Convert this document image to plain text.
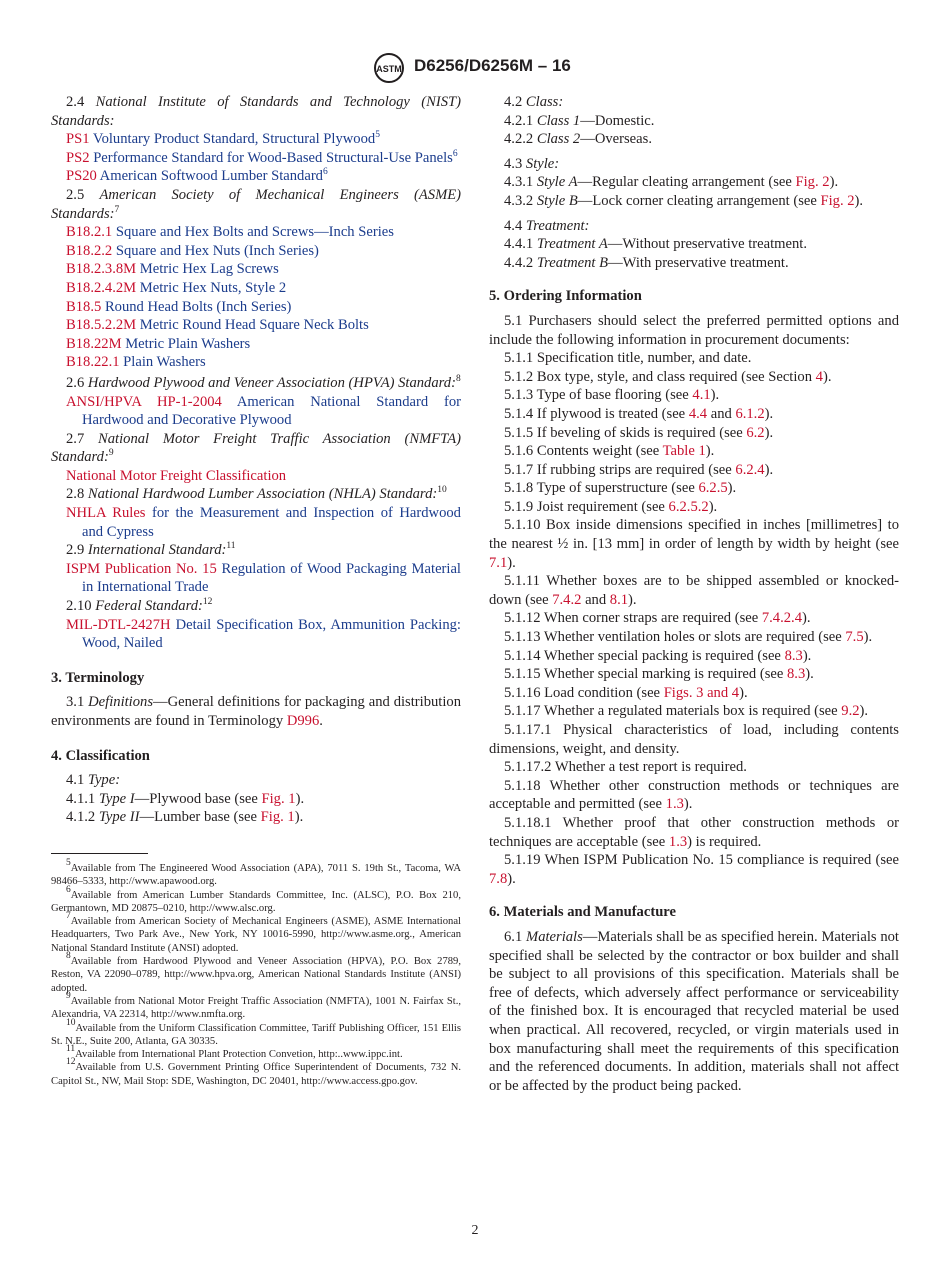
ASTM D6256/D6256M – 16

2.4 National Institute of Standards and Technology (NIST) Standards:

PS1 Voluntary Product Standard, Structural Plywood$^5$

PS2 Performance Standard for Wood-Based Structural-Use Panels$^6$

PS20 American Softwood Lumber Standard$^6$

2.5 American Society of Mechanical Engineers (ASME) Standards:$^7$

B18.2.1 Square and Hex Bolts and Screws—Inch Series

B18.2.2 Square and Hex Nuts (Inch Series)

B18.2.3.8M Metric Hex Lag Screws

B18.2.4.2M Metric Hex Nuts, Style 2

B18.5 Round Head Bolts (Inch Series)

B18.5.2.2M Metric Round Head Square Neck Bolts

B18.22M Metric Plain Washers

B18.22.1 Plain Washers

2.6 Hardwood Plywood and Veneer Association (HPVA) Standard:$^8$

ANSI/HPVA HP-1-2004 American National Standard for Hardwood and Decorative Plywood

2.7 National Motor Freight Traffic Association (NMFTA) Standard:$^9$

National Motor Freight Classification

2.8 National Hardwood Lumber Association (NHLA) Standard:$^{10}$

NHLA Rules for the Measurement and Inspection of Hardwood and Cypress

2.9 International Standard:$^{11}$

ISPM Publication No. 15 Regulation of Wood Packaging Material in International Trade

2.10 Federal Standard:$^{12}$

MIL-DTL-2427H Detail Specification Box, Ammunition Packing: Wood, Nailed

3. Terminology

3.1 Definitions—General definitions for packaging and distribution environments are found in Terminology D996.

4. Classification

4.1 Type:

4.1.1 Type I—Plywood base (see Fig. 1).

4.1.2 Type II—Lumber base (see Fig. 1).

$^5$Available from The Engineered Wood Association (APA), 7011 S. 19th St., Tacoma, WA 98466–5333, http://www.apawood.org.

$^6$Available from American Lumber Standards Committee, Inc. (ALSC), P.O. Box 210, Germantown, MD 20875–0210, http://www.alsc.org.

$^7$Available from American Society of Mechanical Engineers (ASME), ASME International Headquarters, Two Park Ave., New York, NY 10016-5990, http://www.asme.org., American National Standard Institute (ANSI) adopted.

$^8$Available from Hardwood Plywood and Veneer Association (HPVA), P.O. Box 2789, Reston, VA 22090–0789, http://www.hpva.org, American National Standards Institute (ANSI) adopted.

$^9$Available from National Motor Freight Traffic Association (NMFTA), 1001 N. Fairfax St., Alexandria, VA 22314, http://www.nmfta.org.

$^{10}$Available from the Uniform Classification Committee, Tariff Publishing Officer, 151 Ellis St. N.E., Suite 200, Atlanta, GA 30335.

$^{11}$Available from International Plant Protection Convetion, http:..www.ippc.int.

$^{12}$Available from U.S. Government Printing Office Superintendent of Documents, 732 N. Capitol St., NW, Mail Stop: SDE, Washington, DC 20401, http://www.access.gpo.gov.

4.2 Class:

4.2.1 Class 1—Domestic.

4.2.2 Class 2—Overseas.

4.3 Style:

4.3.1 Style A—Regular cleating arrangement (see Fig. 2).

4.3.2 Style B—Lock corner cleating arrangement (see Fig. 2).

4.4 Treatment:

4.4.1 Treatment A—Without preservative treatment.

4.4.2 Treatment B—With preservative treatment.

5. Ordering Information

5.1 Purchasers should select the preferred permitted options and include the following information in procurement documents:

5.1.1 Specification title, number, and date.

5.1.2 Box type, style, and class required (see Section 4).

5.1.3 Type of base flooring (see 4.1).

5.1.4 If plywood is treated (see 4.4 and 6.1.2).

5.1.5 If beveling of skids is required (see 6.2).

5.1.6 Contents weight (see Table 1).

5.1.7 If rubbing strips are required (see 6.2.4).

5.1.8 Type of superstructure (see 6.2.5).

5.1.9 Joist requirement (see 6.2.5.2).

5.1.10 Box inside dimensions specified in inches [millimetres] to the nearest ½ in. [13 mm] in order of length by width by height (see 7.1).

5.1.11 Whether boxes are to be shipped assembled or knocked-down (see 7.4.2 and 8.1).

5.1.12 When corner straps are required (see 7.4.2.4).

5.1.13 Whether ventilation holes or slots are required (see 7.5).

5.1.14 Whether special packing is required (see 8.3).

5.1.15 Whether special marking is required (see 8.3).

5.1.16 Load condition (see Figs. 3 and 4).

5.1.17 Whether a regulated materials box is required (see 9.2).

5.1.17.1 Physical characteristics of load, including contents dimensions, weight, and density.

5.1.17.2 Whether a test report is required.

5.1.18 Whether other construction methods or techniques are acceptable and permitted (see 1.3).

5.1.18.1 Whether proof that other construction methods or techniques are acceptable (see 1.3) is required.

5.1.19 When ISPM Publication No. 15 compliance is required (see 7.8).

6. Materials and Manufacture

6.1 Materials—Materials shall be as specified herein. Materials not specified shall be selected by the contractor or box builder and shall be subject to all provisions of this specification. Materials shall be free of defects, which adversely affect performance or serviceability of the finished box. It is encouraged that recycled material be used when practical. All recovered, recycled, or virgin materials used in box manufacturing shall meet the requirements of this specification and the referenced documents. In addition, materials shall not affect or be affected by the product being packed.

2
